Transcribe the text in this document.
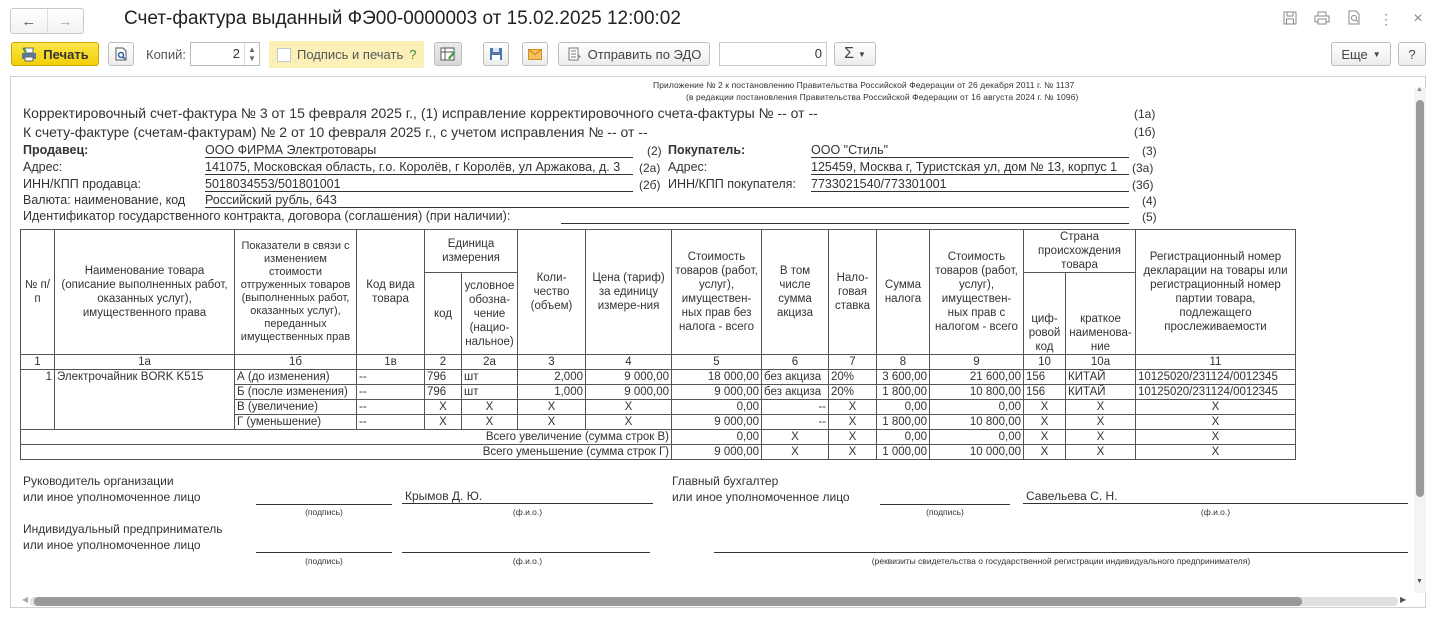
←	→	Счет-фактура выданный ФЭ00-0000003 от 15.02.2025 12:00:02	⋮ ×
Печать	Копий:	2	▲
▼	Подпись и печать ?	Отправить по ЭДО	0	Σ ▼	Еще ▼	?
Приложение № 2 к постановлению Правительства Российской Федерации от 26 декабря 2011 г. № 1137
(в редакции постановления Правительства Российской Федерации от 16 августа 2024 г. № 1096)
Корректировочный счет-фактура № 3 от 15 февраля 2025 г., (1) исправление корректировочного счета-фактуры № -- от --	(1а)
К счету-фактуре (счетам-фактурам) № 2 от 10 февраля 2025 г., с учетом исправления № -- от --	(1б)
Продавец:	ООО ФИРМА Электротовары	(2)
Адрес:	141075, Московская область, г.о. Королёв, г Королёв, ул Аржакова, д. 3	(2а)
ИНН/КПП продавца:	5018034553/501801001	(2б)
Валюта: наименование, код Российский рубль, 643	(4)
Идентификатор государственного контракта, договора (соглашения) (при наличии):	(5)
Покупатель:	ООО "Стиль"	(3)
Адрес:	125459, Москва г, Туристская ул, дом № 13, корпус 1	(3а)
ИНН/КПП покупателя: 7733021540/773301001	(3б)
№ п/п	Наименование товара (описание выполненных работ, оказанных услуг), имущественного права	Показатели в связи с изменением стоимости отгруженных товаров (выполненных работ, оказанных услуг), переданных имущественных прав	Код вида товара	Единица измерения		Коли-чество (объем)	Цена (тариф) за единицу измере-ния	Стоимость товаров (работ, услуг), имуществен-ных прав без налога - всего	В том числе сумма акциза	Нало-говая ставка	Сумма налога	Стоимость товаров (работ, услуг), имуществен-ных прав с налогом - всего	Страна происхождения товара		Регистрационный номер декларации на товары или регистрационный номер партии товара, подлежащего прослеживаемости
				код	условное обозна-чение (нацио-нальное)								циф-ровой код	краткое наименова-ние	
1	1а	1б	1в	2	2а	3	4	5	6	7	8	9	10	10а	11
1	Электрочайник BORK K515	А (до изменения)	--	796	шт	2,000	9 000,00	18 000,00	без акциза	20%	3 600,00	21 600,00	156	КИТАЙ	10125020/231124/0012345
		Б (после изменения)	--	796	шт	1,000	9 000,00	9 000,00	без акциза	20%	1 800,00	10 800,00	156	КИТАЙ	10125020/231124/0012345
		В (увеличение)	--	X	X	X	X	0,00	--	X	0,00	0,00	X	X	X
		Г (уменьшение)	--	X	X	X	X	9 000,00	--	X	1 800,00	10 800,00	X	X	X
Всего увеличение (сумма строк В)								0,00	X	X	0,00	0,00	X	X	X
Всего уменьшение (сумма строк Г)								9 000,00	X	X	1 000,00	10 000,00	X	X	X
Руководитель организации
или иное уполномоченное лицо
(подпись)
Крымов Д. Ю.
(ф.и.о.)
Главный бухгалтер
или иное уполномоченное лицо
(подпись)
Савельева С. Н.
(ф.и.о.)
Индивидуальный предприниматель
или иное уполномоченное лицо
(подпись)	(ф.и.о.)	(реквизиты свидетельства о государственной регистрации индивидуального предпринимателя)
▲
▼
◀	▶
